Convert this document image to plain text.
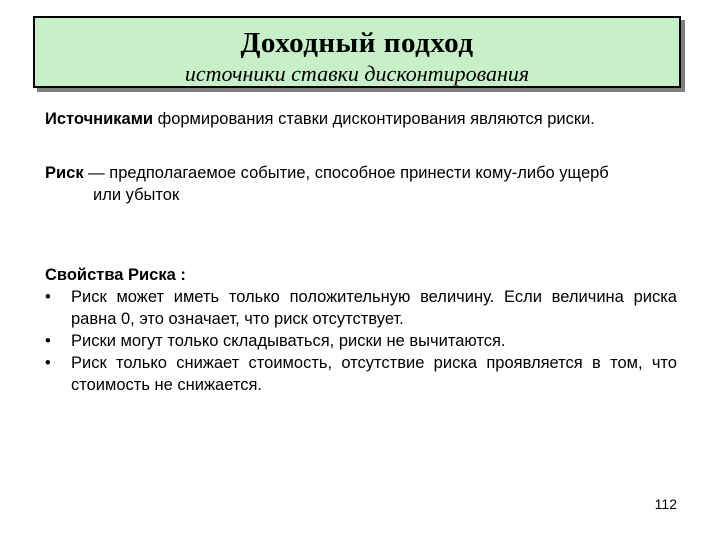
Доходный подход
источники ставки дисконтирования
Источниками формирования ставки дисконтирования являются риски.
Риск — предполагаемое событие, способное принести кому-либо ущерб
или убыток
Свойства Риска :
• Риск может иметь только положительную величину. Если величина риска равна 0, это означает, что риск отсутствует.
• Риски могут только складываться, риски не вычитаются.
• Риск только снижает стоимость, отсутствие риска проявляется в том, что стоимость не снижается.
112
